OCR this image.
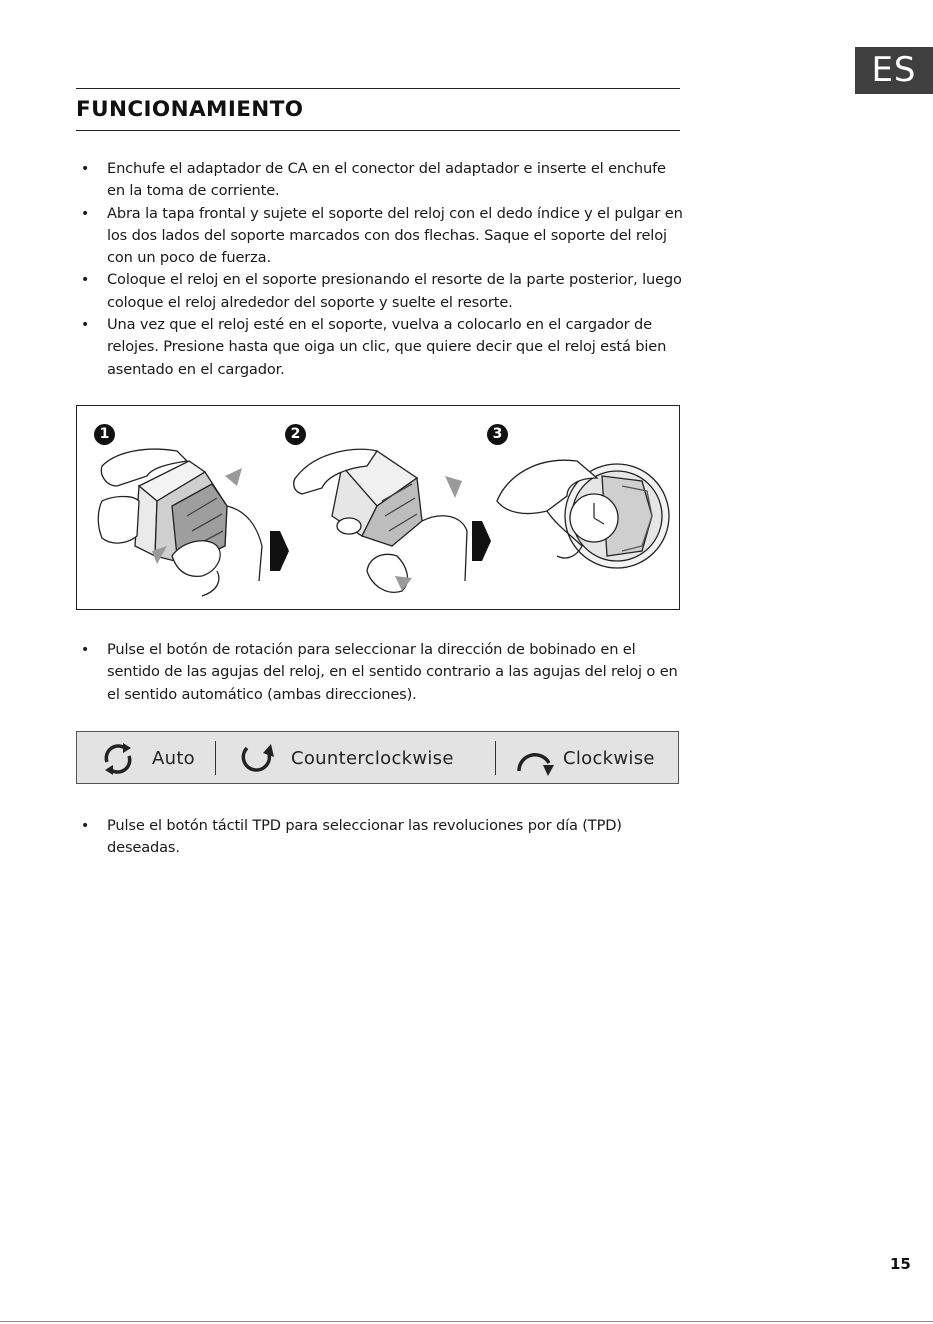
ES
FUNCIONAMIENTO
• Enchufe el adaptador de CA en el conector del adaptador e inserte el enchufe en la toma de corriente.
• Abra la tapa frontal y sujete el soporte del reloj con el dedo índice y el pulgar en los dos lados del soporte marcados con dos flechas. Saque el soporte del reloj con un poco de fuerza.
• Coloque el reloj en el soporte presionando el resorte de la parte posterior, luego coloque el reloj alrededor del soporte y suelte el resorte.
• Una vez que el reloj esté en el soporte, vuelva a colocarlo en el cargador de relojes. Presione hasta que oiga un clic, que quiere decir que el reloj está bien asentado en el cargador.
1	2	3
• Pulse el botón de rotación para seleccionar la dirección de bobinado en el sentido de las agujas del reloj, en el sentido contrario a las agujas del reloj o en el sentido automático (ambas direcciones).
Auto	Counterclockwise	Clockwise
• Pulse el botón táctil TPD para seleccionar las revoluciones por día (TPD) deseadas.
15
